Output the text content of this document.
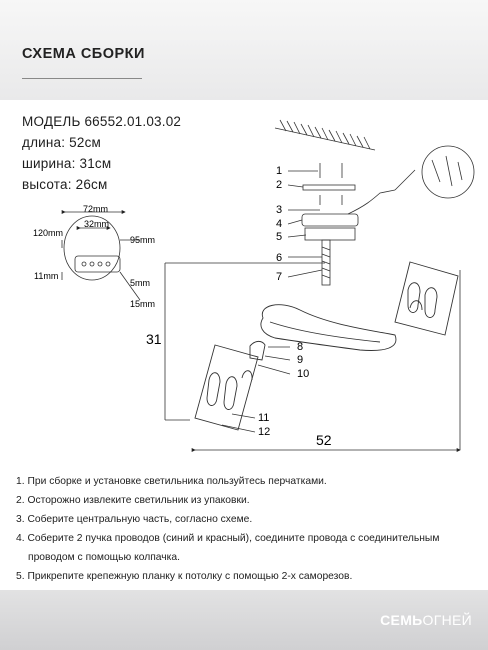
СХЕМА СБОРКИ
МОДЕЛЬ 66552.01.03.02
длина: 52см
ширина: 31см
высота: 26см
72mm
32mm
120mm
95mm
11mm
5mm
15mm
31
52
1
2
3
4
5
6
7
8
9
10
11
12
1. При сборке и установке светильника пользуйтесь перчатками.
2. Осторожно извлеките светильник из упаковки.
3. Соберите центральную часть, согласно схеме.
4. Соберите 2 пучка проводов (синий и красный), соедините провода с соединительным
проводом с помощью колпачка.
5. Прикрепите крепежную планку к потолку с помощью 2-х саморезов.
СЕМЬОГНЕЙ
